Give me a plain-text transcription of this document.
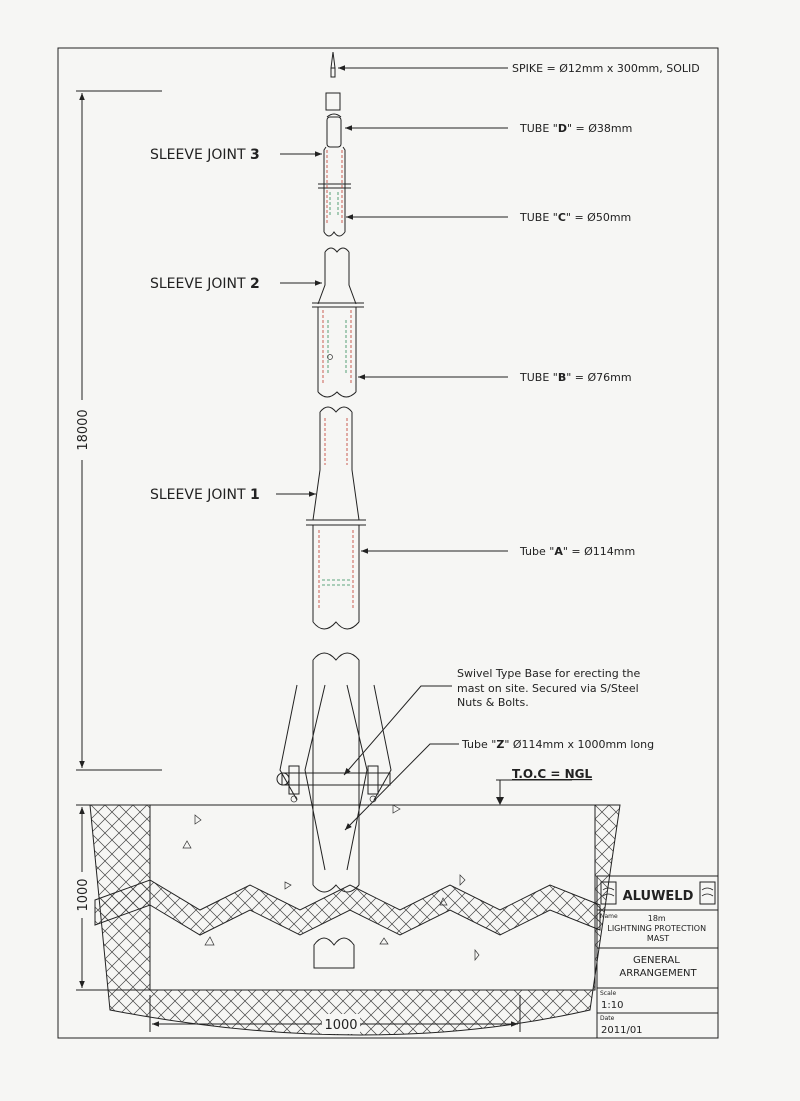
SPIKE = Ø12mm x 300mm, SOLID
TUBE "D" = Ø38mm
TUBE "C" = Ø50mm
TUBE "B" = Ø76mm
Tube "A" = Ø114mm
SLEEVE JOINT 3
SLEEVE JOINT 2
SLEEVE JOINT 1
Swivel Type Base for erecting the mast on site. Secured via S/Steel Nuts & Bolts.
Tube "Z" Ø114mm x 1000mm long
T.O.C = NGL
18000
1000
1000
ALUWELD
Name	18m LIGHTNING PROTECTION MAST
GENERAL ARRANGEMENT
Scale
1:10
Date
2011/01
